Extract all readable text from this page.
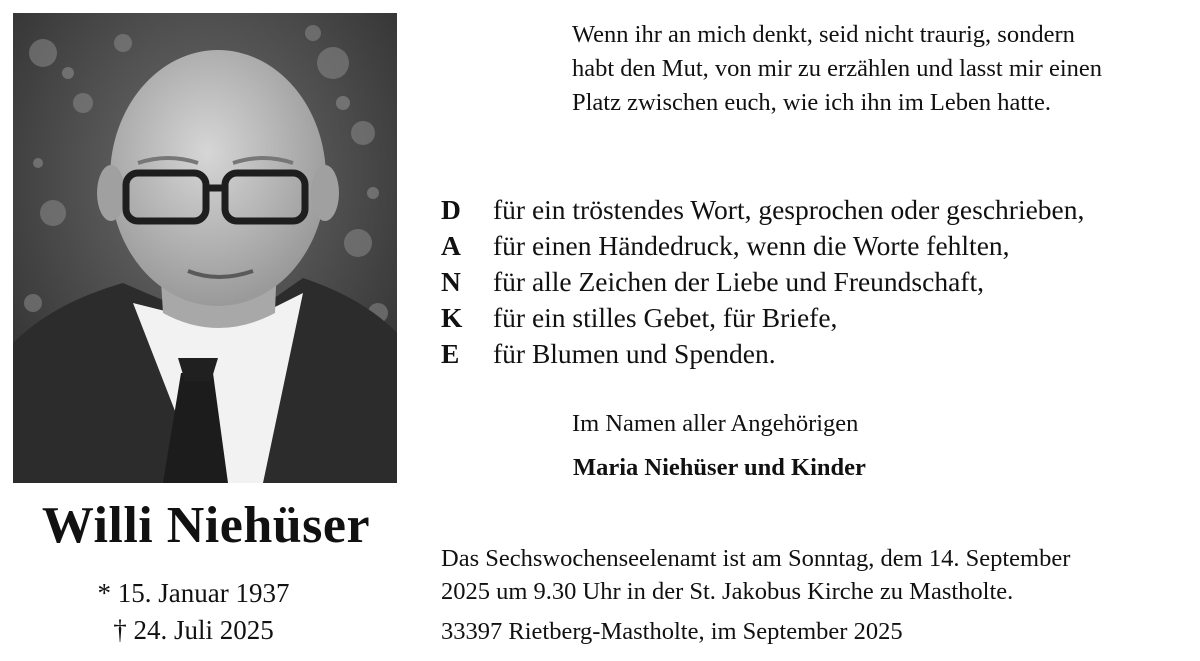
Willi Niehüser
* 15. Januar 1937
† 24. Juli 2025
Wenn ihr an mich denkt, seid nicht traurig, sondern
habt den Mut, von mir zu erzählen und lasst mir einen
Platz zwischen euch, wie ich ihn im Leben hatte.
D	für ein tröstendes Wort, gesprochen oder geschrieben,
A	für einen Händedruck, wenn die Worte fehlten,
N	für alle Zeichen der Liebe und Freundschaft,
K	für ein stilles Gebet, für Briefe,
E	für Blumen und Spenden.
Im Namen aller Angehörigen
Maria Niehüser und Kinder
Das Sechswochenseelenamt ist am Sonntag, dem 14. September
2025 um 9.30 Uhr in der St. Jakobus Kirche zu Mastholte.
33397 Rietberg-Mastholte, im September 2025
